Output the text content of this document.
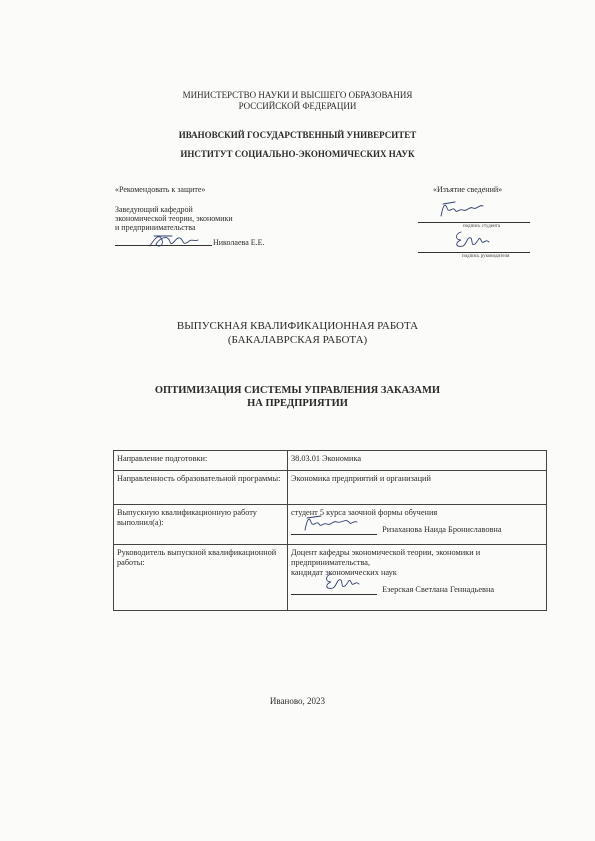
МИНИСТЕРСТВО НАУКИ И ВЫСШЕГО ОБРАЗОВАНИЯ
РОССИЙСКОЙ ФЕДЕРАЦИИ
ИВАНОВСКИЙ ГОСУДАРСТВЕННЫЙ УНИВЕРСИТЕТ
ИНСТИТУТ СОЦИАЛЬНО-ЭКОНОМИЧЕСКИХ НАУК
«Рекомендовать к защите»
Заведующий кафедрой
экономической теории, экономики
и предпринимательства
Николаева Е.Е.
«Изъятие сведений»
подпись студента
подпись руководителя
ВЫПУСКНАЯ КВАЛИФИКАЦИОННАЯ РАБОТА
(БАКАЛАВРСКАЯ РАБОТА)
ОПТИМИЗАЦИЯ СИСТЕМЫ УПРАВЛЕНИЯ ЗАКАЗАМИ
НА ПРЕДПРИЯТИИ
Направление подготовки:	38.03.01 Экономика
Направленность образовательной программы:	Экономика предприятий и организаций
Выпускную квалификационную работу выполнил(а):	студент 5 курса заочной формы обучения
Ризаханова Наида Брониславовна

Руководитель выпускной квалификационной работы:	Доцент кафедры экономической теории, экономики и
предпринимательства,
кандидат экономических наук
Езерская Светлана Геннадьевна
Иваново, 2023
